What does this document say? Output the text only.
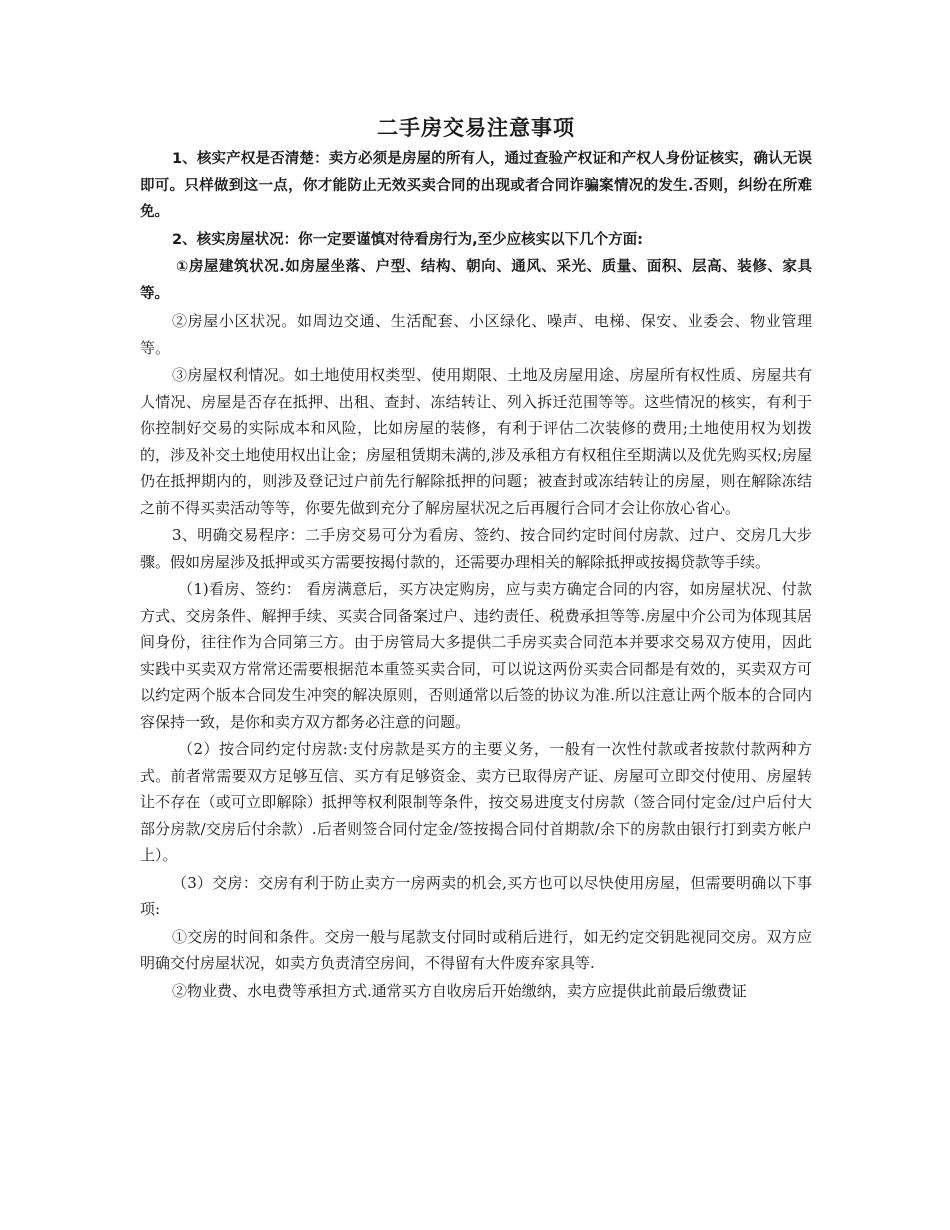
二手房交易注意事项

1、核实产权是否清楚：卖方必须是房屋的所有人，通过查验产权证和产权人身份证核实，确认无误即可。只样做到这一点，你才能防止无效买卖合同的出现或者合同诈骗案情况的发生.否则，纠纷在所难免。

2、核实房屋状况：你一定要谨慎对待看房行为,至少应核实以下几个方面:

①房屋建筑状况.如房屋坐落、户型、结构、朝向、通风、采光、质量、面积、层高、装修、家具等。

②房屋小区状况。如周边交通、生活配套、小区绿化、噪声、电梯、保安、业委会、物业管理等。

③房屋权利情况。如土地使用权类型、使用期限、土地及房屋用途、房屋所有权性质、房屋共有人情况、房屋是否存在抵押、出租、查封、冻结转让、列入拆迁范围等等。这些情况的核实，有利于你控制好交易的实际成本和风险，比如房屋的装修，有利于评估二次装修的费用;土地使用权为划拨的，涉及补交土地使用权出让金；房屋租赁期未满的,涉及承租方有权租住至期满以及优先购买权;房屋仍在抵押期内的，则涉及登记过户前先行解除抵押的问题；被查封或冻结转让的房屋，则在解除冻结之前不得买卖活动等等，你要先做到充分了解房屋状况之后再履行合同才会让你放心省心。

3、明确交易程序：二手房交易可分为看房、签约、按合同约定时间付房款、过户、交房几大步骤。假如房屋涉及抵押或买方需要按揭付款的，还需要办理相关的解除抵押或按揭贷款等手续。

（1)看房、签约： 看房满意后，买方决定购房，应与卖方确定合同的内容，如房屋状况、付款方式、交房条件、解押手续、买卖合同备案过户、违约责任、税费承担等等.房屋中介公司为体现其居间身份，往往作为合同第三方。由于房管局大多提供二手房买卖合同范本并要求交易双方使用，因此实践中买卖双方常常还需要根据范本重签买卖合同，可以说这两份买卖合同都是有效的，买卖双方可以约定两个版本合同发生冲突的解决原则，否则通常以后签的协议为准.所以注意让两个版本的合同内容保持一致，是你和卖方双方都务必注意的问题。

（2）按合同约定付房款:支付房款是买方的主要义务，一般有一次性付款或者按款付款两种方式。前者常需要双方足够互信、买方有足够资金、卖方已取得房产证、房屋可立即交付使用、房屋转让不存在（或可立即解除）抵押等权利限制等条件，按交易进度支付房款（签合同付定金/过户后付大部分房款/交房后付余款）.后者则签合同付定金/签按揭合同付首期款/余下的房款由银行打到卖方帐户上）。

（3）交房：交房有利于防止卖方一房两卖的机会,买方也可以尽快使用房屋，但需要明确以下事项:

①交房的时间和条件。交房一般与尾款支付同时或稍后进行，如无约定交钥匙视同交房。双方应明确交付房屋状况，如卖方负责清空房间，不得留有大件废弃家具等.

②物业费、水电费等承担方式.通常买方自收房后开始缴纳，卖方应提供此前最后缴费证
